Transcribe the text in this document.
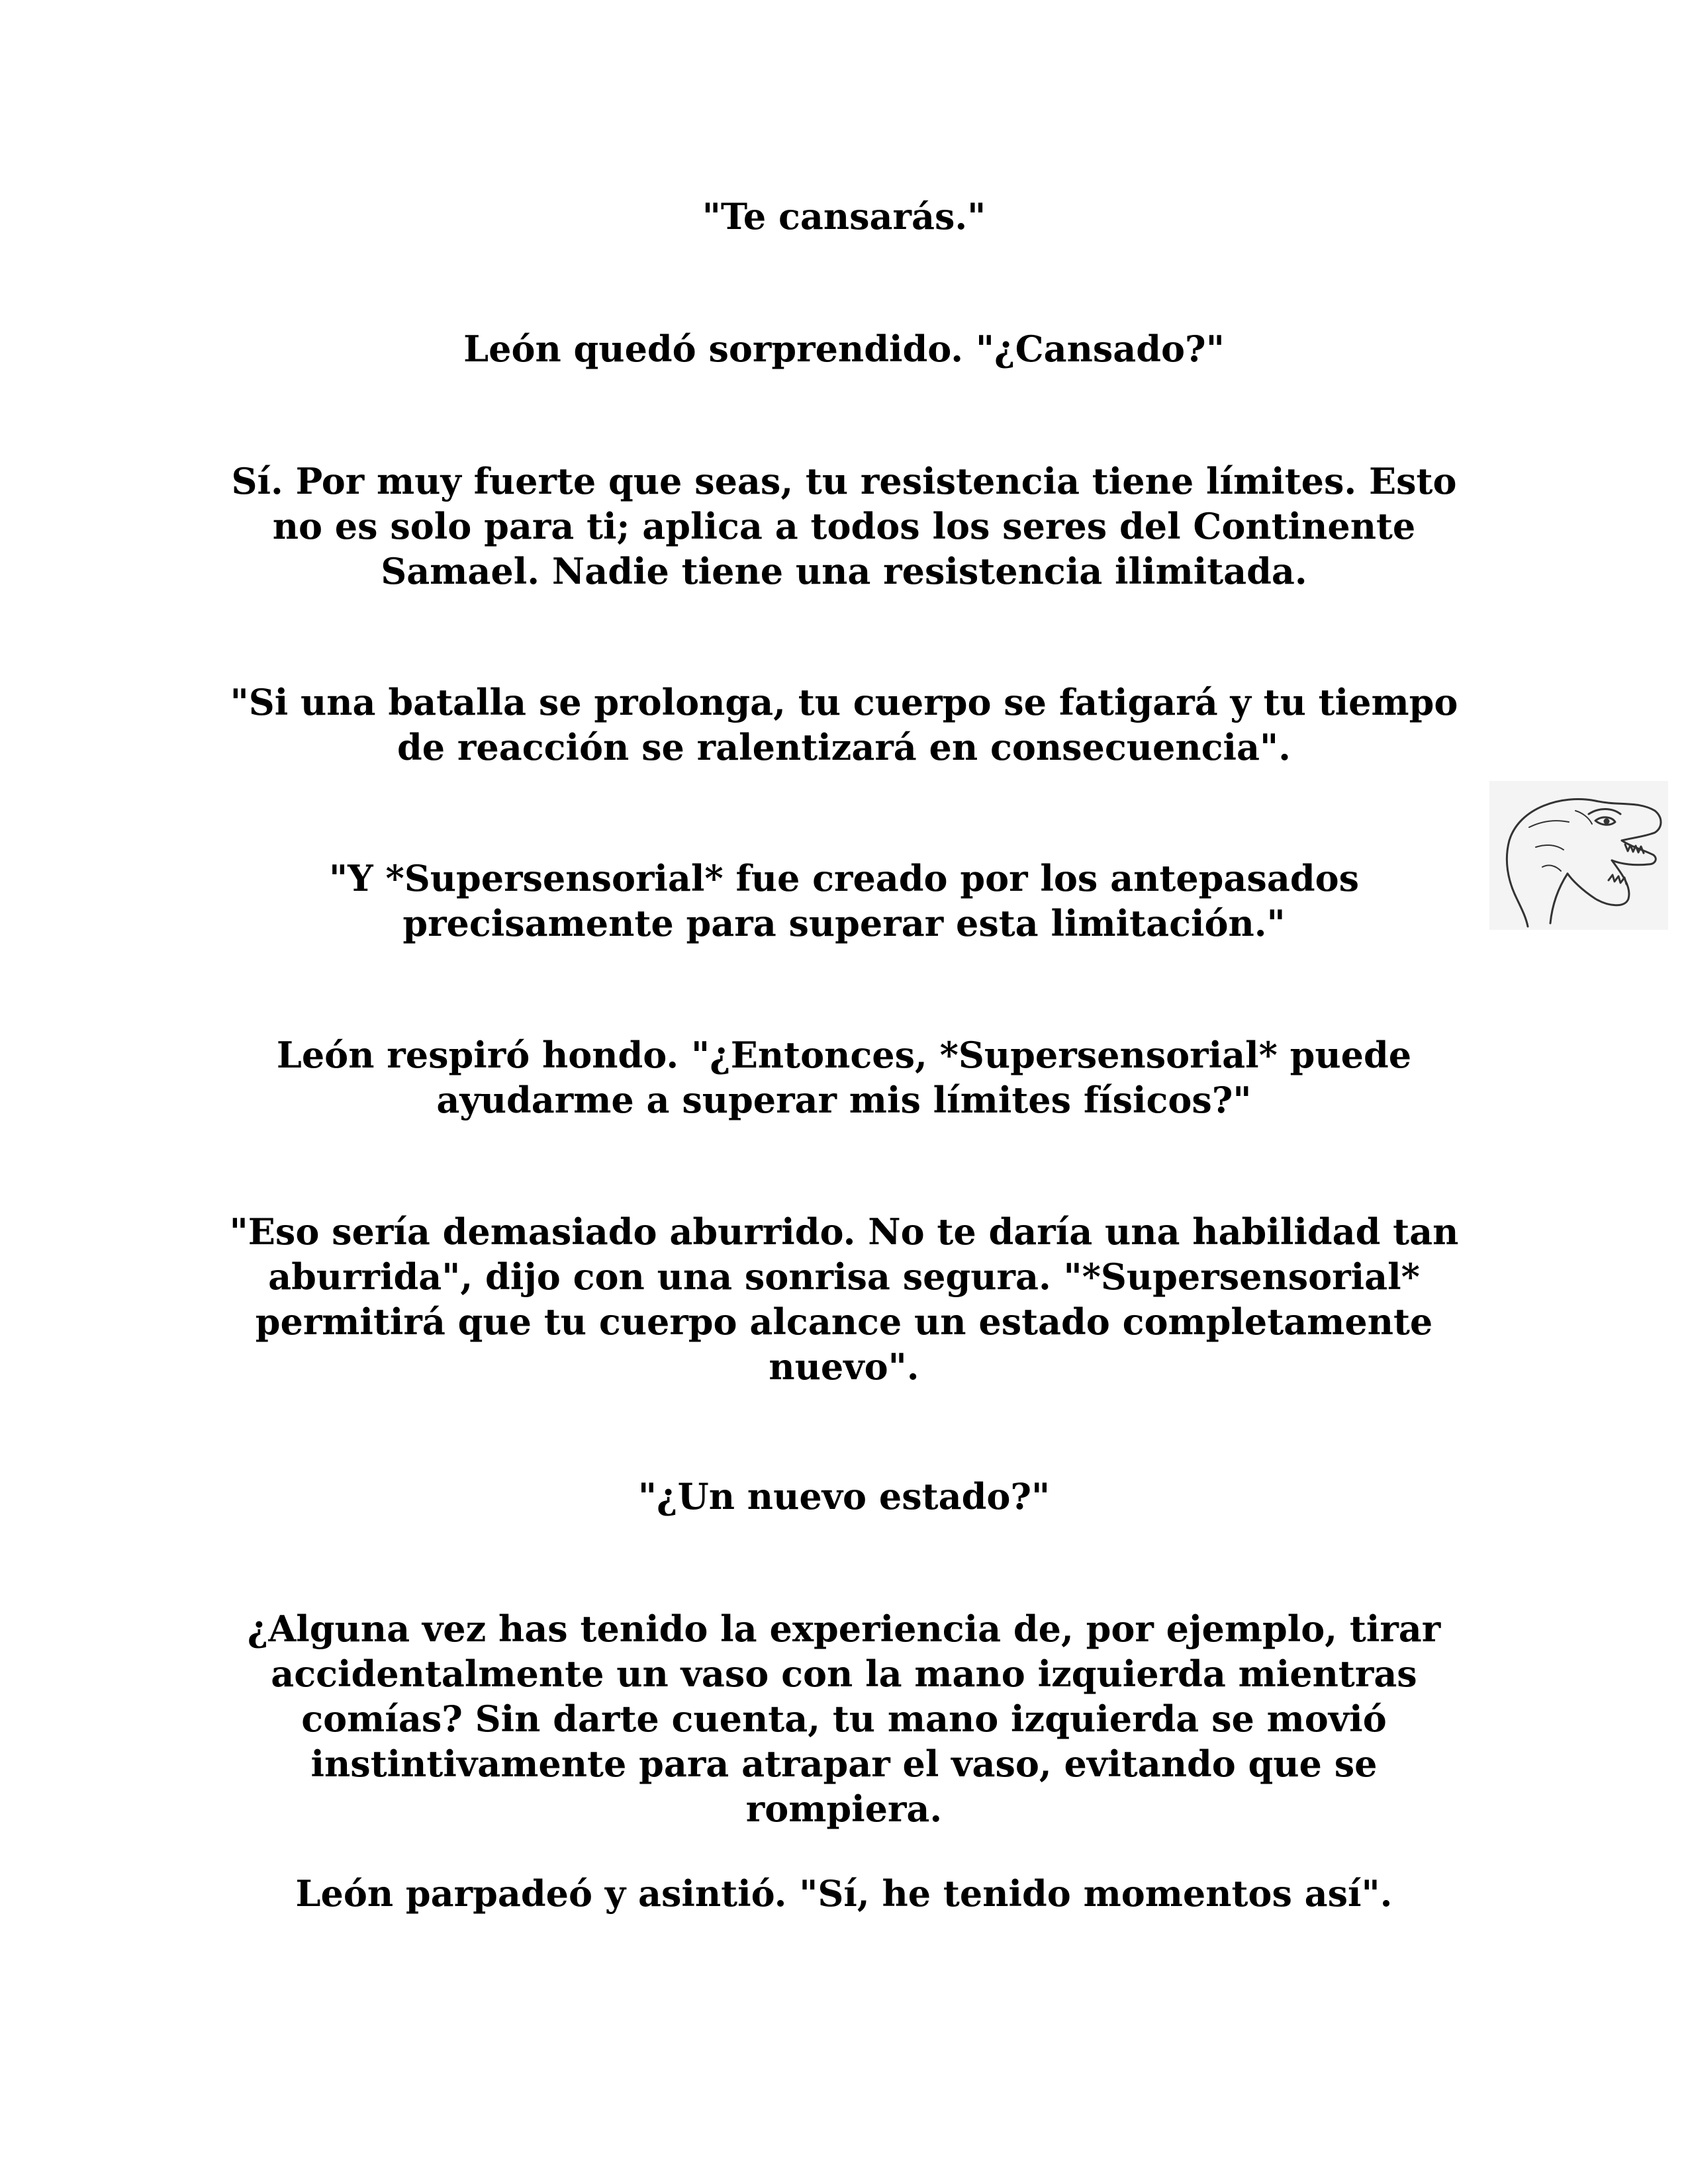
"Te cansarás."

León quedó sorprendido. "¿Cansado?"

Sí. Por muy fuerte que seas, tu resistencia tiene límites. Esto no es solo para ti; aplica a todos los seres del Continente Samael. Nadie tiene una resistencia ilimitada.

"Si una batalla se prolonga, tu cuerpo se fatigará y tu tiempo de reacción se ralentizará en consecuencia".

"Y *Supersensorial* fue creado por los antepasados precisamente para superar esta limitación."

León respiró hondo. "¿Entonces, *Supersensorial* puede ayudarme a superar mis límites físicos?"

"Eso sería demasiado aburrido. No te daría una habilidad tan aburrida", dijo con una sonrisa segura. "*Supersensorial* permitirá que tu cuerpo alcance un estado completamente nuevo".

"¿Un nuevo estado?"

¿Alguna vez has tenido la experiencia de, por ejemplo, tirar accidentalmente un vaso con la mano izquierda mientras comías? Sin darte cuenta, tu mano izquierda se movió instintivamente para atrapar el vaso, evitando que se rompiera.

León parpadeó y asintió. "Sí, he tenido momentos así".
